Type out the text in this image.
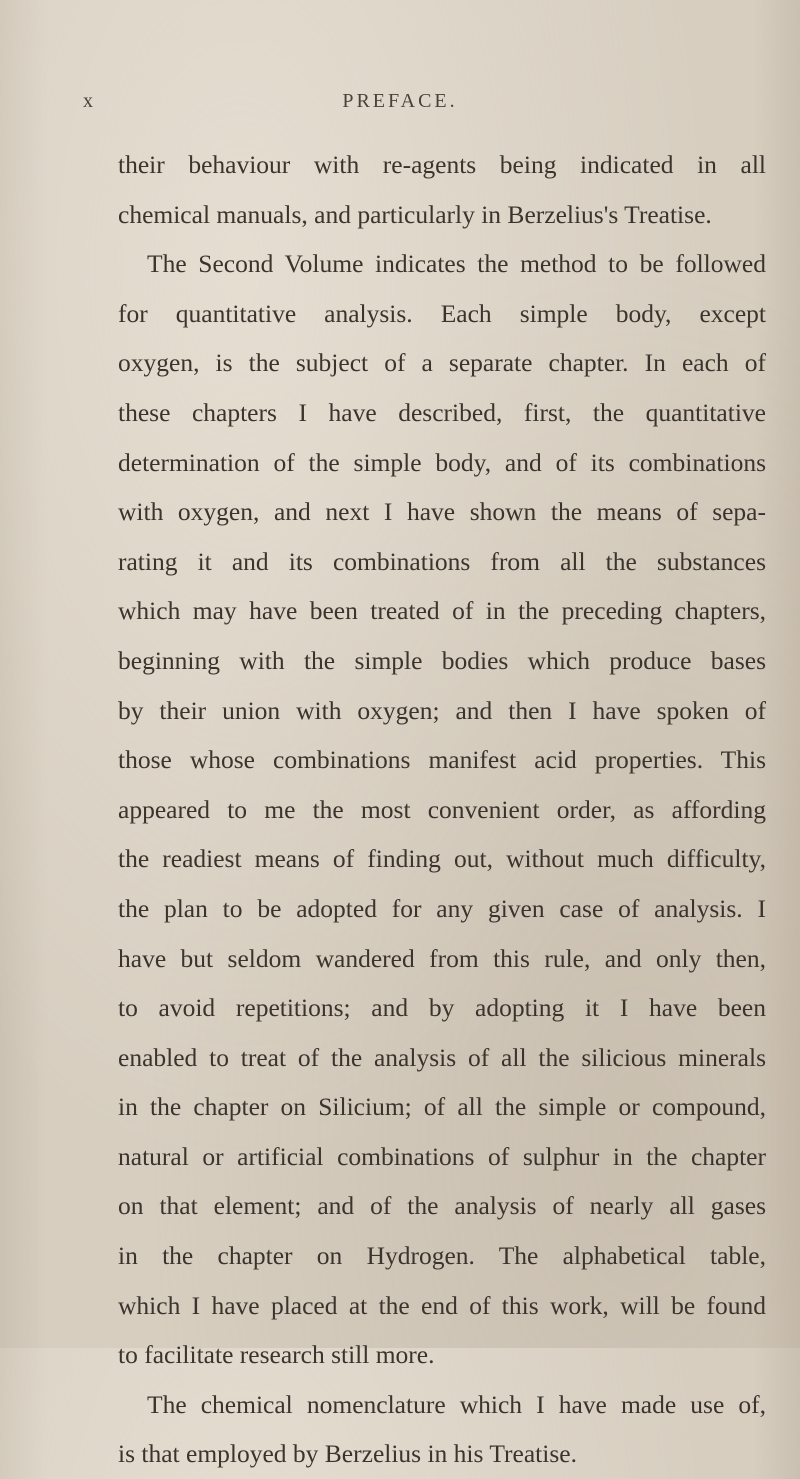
x	PREFACE.
their behaviour with re-agents being indicated in all
chemical manuals, and particularly in Berzelius's Treatise.
The Second Volume indicates the method to be followed
for quantitative analysis. Each simple body, except
oxygen, is the subject of a separate chapter. In each of
these chapters I have described, first, the quantitative
determination of the simple body, and of its combinations
with oxygen, and next I have shown the means of sepa-
rating it and its combinations from all the substances
which may have been treated of in the preceding chapters,
beginning with the simple bodies which produce bases
by their union with oxygen; and then I have spoken of
those whose combinations manifest acid properties. This
appeared to me the most convenient order, as affording
the readiest means of finding out, without much difficulty,
the plan to be adopted for any given case of analysis. I
have but seldom wandered from this rule, and only then,
to avoid repetitions; and by adopting it I have been
enabled to treat of the analysis of all the silicious minerals
in the chapter on Silicium; of all the simple or compound,
natural or artificial combinations of sulphur in the chapter
on that element; and of the analysis of nearly all gases
in the chapter on Hydrogen. The alphabetical table,
which I have placed at the end of this work, will be found
to facilitate research still more.
The chemical nomenclature which I have made use of,
is that employed by Berzelius in his Treatise.
